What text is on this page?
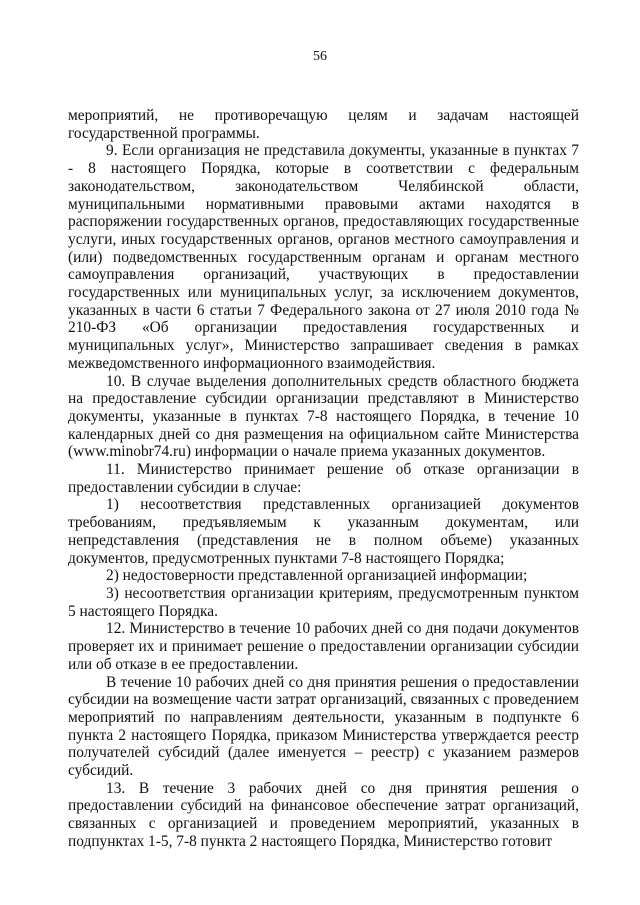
56

мероприятий, не противоречащую целям и задачам настоящей государственной программы.

9. Если организация не представила документы, указанные в пунктах 7 - 8 настоящего Порядка, которые в соответствии с федеральным законодательством, законодательством Челябинской области, муниципальными нормативными правовыми актами находятся в распоряжении государственных органов, предоставляющих государственные услуги, иных государственных органов, органов местного самоуправления и (или) подведомственных государственным органам и органам местного самоуправления организаций, участвующих в предоставлении государственных или муниципальных услуг, за исключением документов, указанных в части 6 статьи 7 Федерального закона от 27 июля 2010 года № 210-ФЗ «Об организации предоставления государственных и муниципальных услуг», Министерство запрашивает сведения в рамках межведомственного информационного взаимодействия.

10. В случае выделения дополнительных средств областного бюджета на предоставление субсидии организации представляют в Министерство документы, указанные в пунктах 7-8 настоящего Порядка, в течение 10 календарных дней со дня размещения на официальном сайте Министерства (www.minobr74.ru) информации о начале приема указанных документов.

11. Министерство принимает решение об отказе организации в предоставлении субсидии в случае:

1) несоответствия представленных организацией документов требованиям, предъявляемым к указанным документам, или непредставления (представления не в полном объеме) указанных документов, предусмотренных пунктами 7-8 настоящего Порядка;

2) недостоверности представленной организацией информации;

3) несоответствия организации критериям, предусмотренным пунктом 5 настоящего Порядка.

12. Министерство в течение 10 рабочих дней со дня подачи документов проверяет их и принимает решение о предоставлении организации субсидии или об отказе в ее предоставлении.

В течение 10 рабочих дней со дня принятия решения о предоставлении субсидии на возмещение части затрат организаций, связанных с проведением мероприятий по направлениям деятельности, указанным в подпункте 6 пункта 2 настоящего Порядка, приказом Министерства утверждается реестр получателей субсидий (далее именуется – реестр) с указанием размеров субсидий.

13. В течение 3 рабочих дней со дня принятия решения о предоставлении субсидий на финансовое обеспечение затрат организаций, связанных с организацией и проведением мероприятий, указанных в подпунктах 1-5, 7-8 пункта 2 настоящего Порядка, Министерство готовит
